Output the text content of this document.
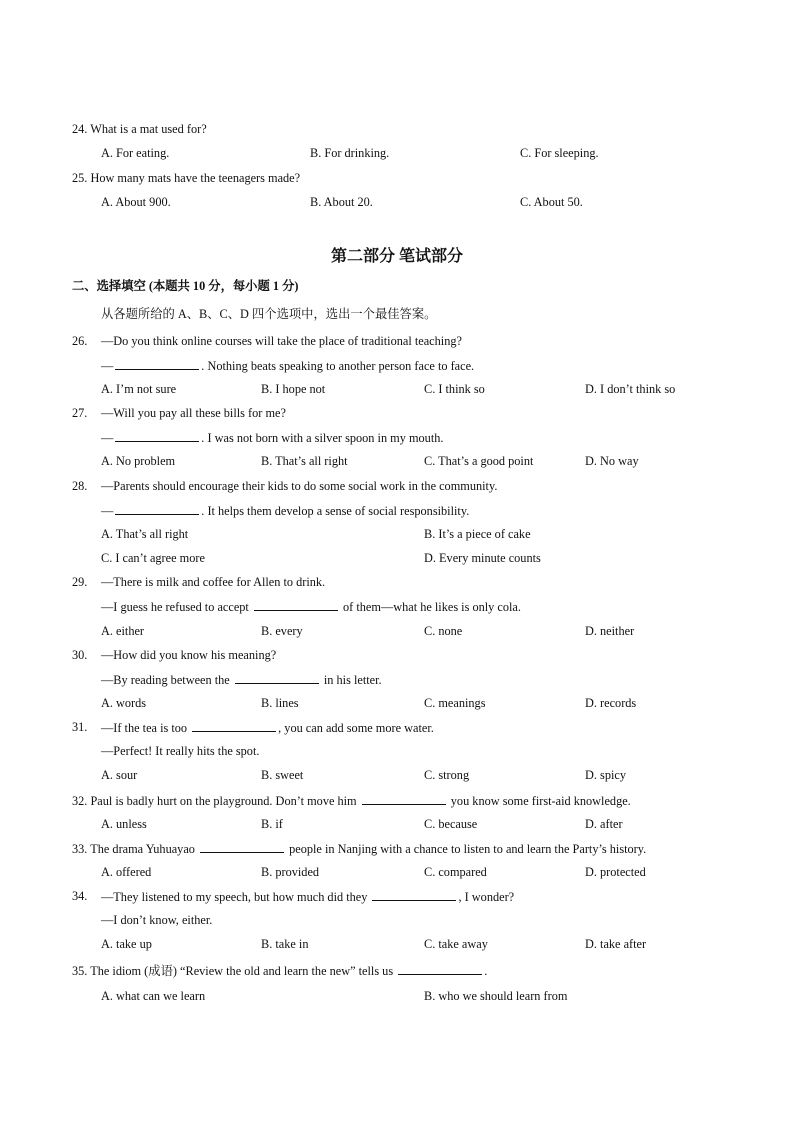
24. What is a mat used for?
A. For eating.	B. For drinking.	C. For sleeping.
25. How many mats have the teenagers made?
A. About 900.	B. About 20.	C. About 50.
第二部分 笔试部分
二、选择填空 (本题共 10 分，每小题 1 分)
从各题所给的 A、B、C、D 四个选项中，选出一个最佳答案。
26. —Do you think online courses will take the place of traditional teaching?
—	. Nothing beats speaking to another person face to face.
A. I’m not sure	B. I hope not	C. I think so	D. I don’t think so
27. —Will you pay all these bills for me?
—	. I was not born with a silver spoon in my mouth.
A. No problem	B. That’s all right	C. That’s a good point	D. No way
28. —Parents should encourage their kids to do some social work in the community.
—	. It helps them develop a sense of social responsibility.
A. That’s all right	B. It’s a piece of cake
C. I can’t agree more	D. Every minute counts
29. —There is milk and coffee for Allen to drink.
—I guess he refused to accept	of them—what he likes is only cola.
A. either	B. every	C. none	D. neither
30. —How did you know his meaning?
—By reading between the	in his letter.
A. words	B. lines	C. meanings	D. records
31. —If the tea is too	, you can add some more water.
—Perfect! It really hits the spot.
A. sour	B. sweet	C. strong	D. spicy
32. Paul is badly hurt on the playground. Don’t move him	you know some first-aid knowledge.
A. unless	B. if	C. because	D. after
33. The drama Yuhuayao	people in Nanjing with a chance to listen to and learn the Party’s history.
A. offered	B. provided	C. compared	D. protected
34. —They listened to my speech, but how much did they	, I wonder?
—I don’t know, either.
A. take up	B. take in	C. take away	D. take after
35. The idiom (成语) “Review the old and learn the new” tells us	.
A. what can we learn	B. who we should learn from
